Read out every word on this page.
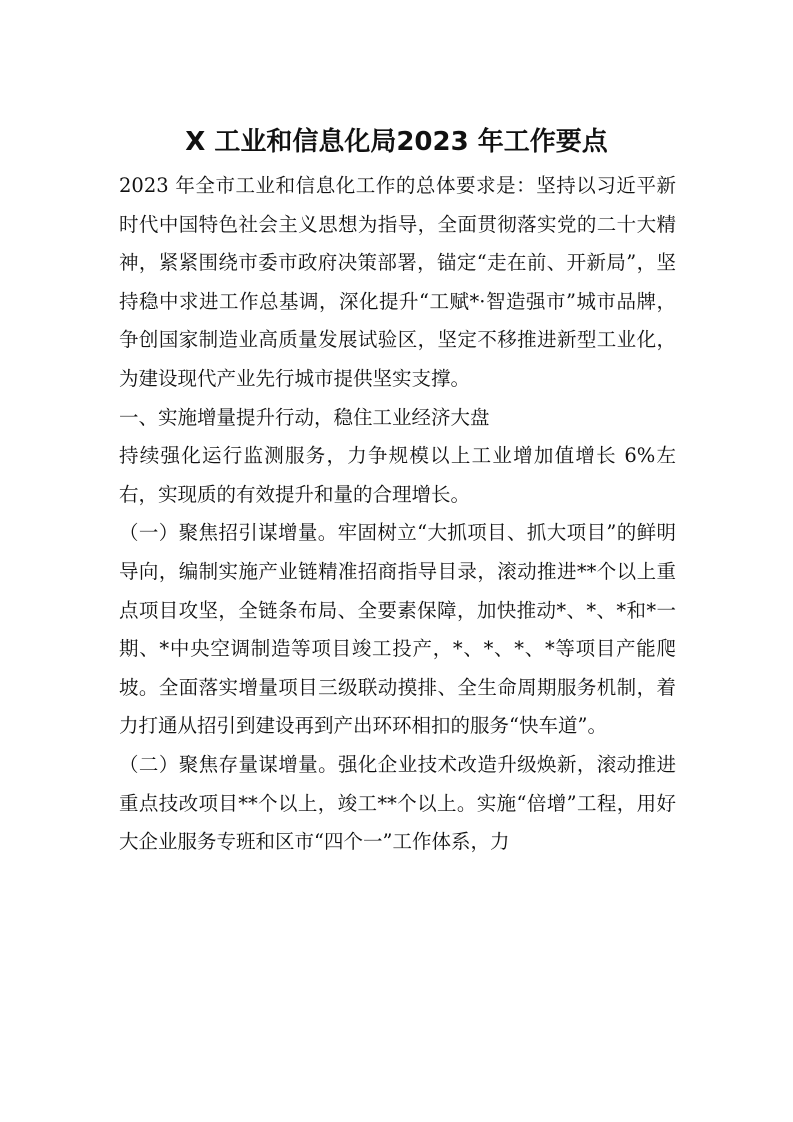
X 工业和信息化局2023 年工作要点

2023 年全市工业和信息化工作的总体要求是：坚持以习近平新时代中国特色社会主义思想为指导，全面贯彻落实党的二十大精神，紧紧围绕市委市政府决策部署，锚定“走在前、开新局”，坚持稳中求进工作总基调，深化提升“工赋*·智造强市”城市品牌，争创国家制造业高质量发展试验区，坚定不移推进新型工业化，为建设现代产业先行城市提供坚实支撑。

一、实施增量提升行动，稳住工业经济大盘

持续强化运行监测服务，力争规模以上工业增加值增长 6%左右，实现质的有效提升和量的合理增长。

（一）聚焦招引谋增量。牢固树立“大抓项目、抓大项目”的鲜明导向，编制实施产业链精准招商指导目录，滚动推进**个以上重点项目攻坚，全链条布局、全要素保障，加快推动*、*、*和*一期、*中央空调制造等项目竣工投产，*、*、*、*等项目产能爬坡。全面落实增量项目三级联动摸排、全生命周期服务机制，着力打通从招引到建设再到产出环环相扣的服务“快车道”。

（二）聚焦存量谋增量。强化企业技术改造升级焕新，滚动推进重点技改项目**个以上，竣工**个以上。实施“倍增”工程，用好大企业服务专班和区市“四个一”工作体系，力
